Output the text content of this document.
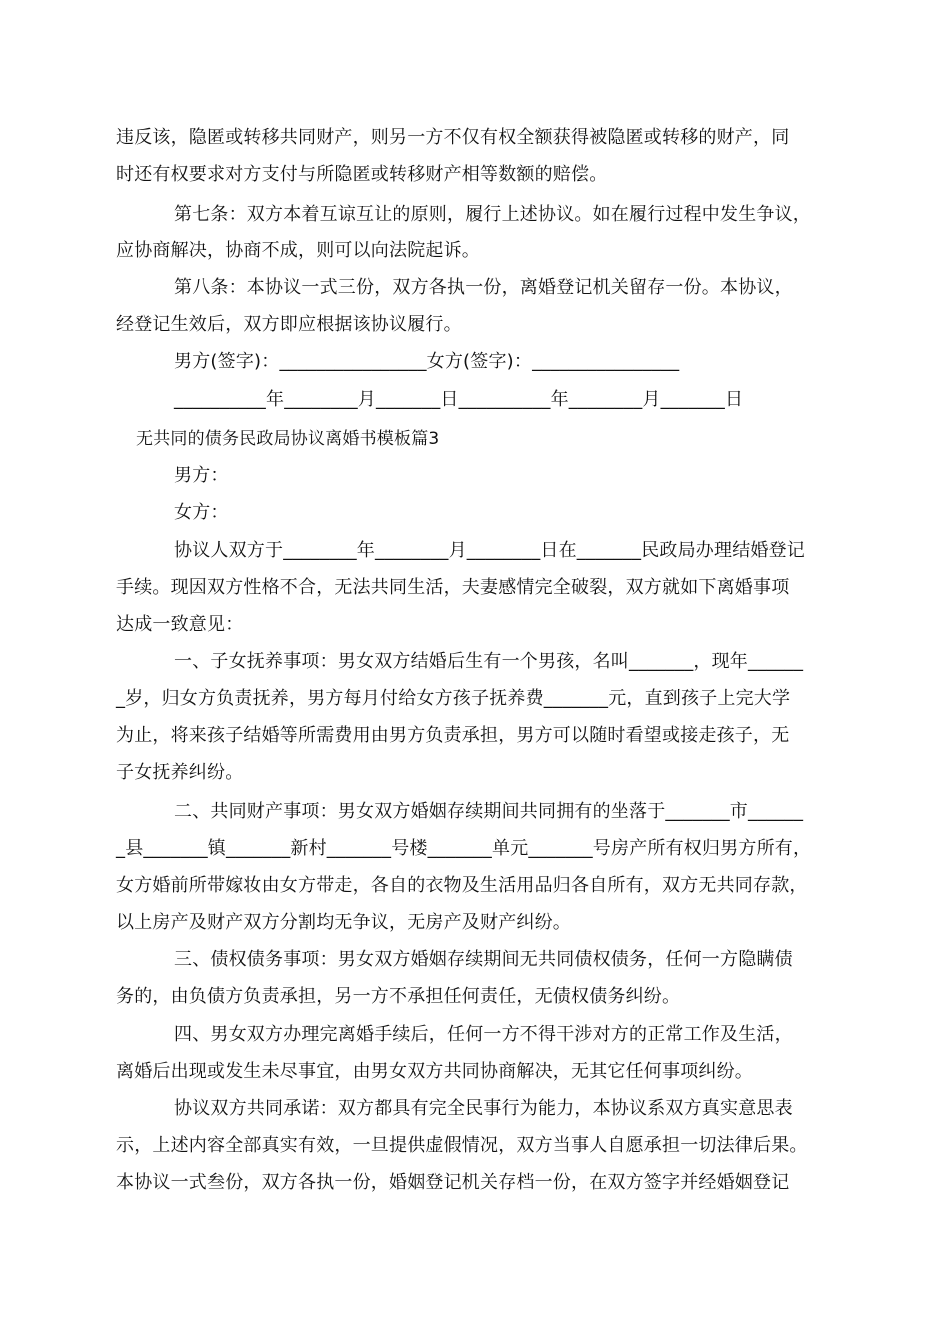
违反该，隐匿或转移共同财产，则另一方不仅有权全额获得被隐匿或转移的财产，同
时还有权要求对方支付与所隐匿或转移财产相等数额的赔偿。
第七条：双方本着互谅互让的原则，履行上述协议。如在履行过程中发生争议，
应协商解决，协商不成，则可以向法院起诉。
第八条：本协议一式三份，双方各执一份，离婚登记机关留存一份。本协议，
经登记生效后，双方即应根据该协议履行。
男方(签字)：________________女方(签字)：________________
__________年________月_______日__________年________月_______日
无共同的债务民政局协议离婚书模板篇3
男方：
女方：
协议人双方于________年________月________日在_______民政局办理结婚登记
手续。现因双方性格不合，无法共同生活，夫妻感情完全破裂，双方就如下离婚事项
达成一致意见：
一、子女抚养事项：男女双方结婚后生有一个男孩，名叫_______，现年______
_岁，归女方负责抚养，男方每月付给女方孩子抚养费_______元，直到孩子上完大学
为止，将来孩子结婚等所需费用由男方负责承担，男方可以随时看望或接走孩子，无
子女抚养纠纷。
二、共同财产事项：男女双方婚姻存续期间共同拥有的坐落于_______市______
_县_______镇_______新村_______号楼_______单元_______号房产所有权归男方所有，
女方婚前所带嫁妆由女方带走，各自的衣物及生活用品归各自所有，双方无共同存款，
以上房产及财产双方分割均无争议，无房产及财产纠纷。
三、债权债务事项：男女双方婚姻存续期间无共同债权债务，任何一方隐瞒债
务的，由负债方负责承担，另一方不承担任何责任，无债权债务纠纷。
四、男女双方办理完离婚手续后，任何一方不得干涉对方的正常工作及生活，
离婚后出现或发生未尽事宜，由男女双方共同协商解决，无其它任何事项纠纷。
协议双方共同承诺：双方都具有完全民事行为能力，本协议系双方真实意思表
示，上述内容全部真实有效，一旦提供虚假情况，双方当事人自愿承担一切法律后果。
本协议一式叁份，双方各执一份，婚姻登记机关存档一份，在双方签字并经婚姻登记
